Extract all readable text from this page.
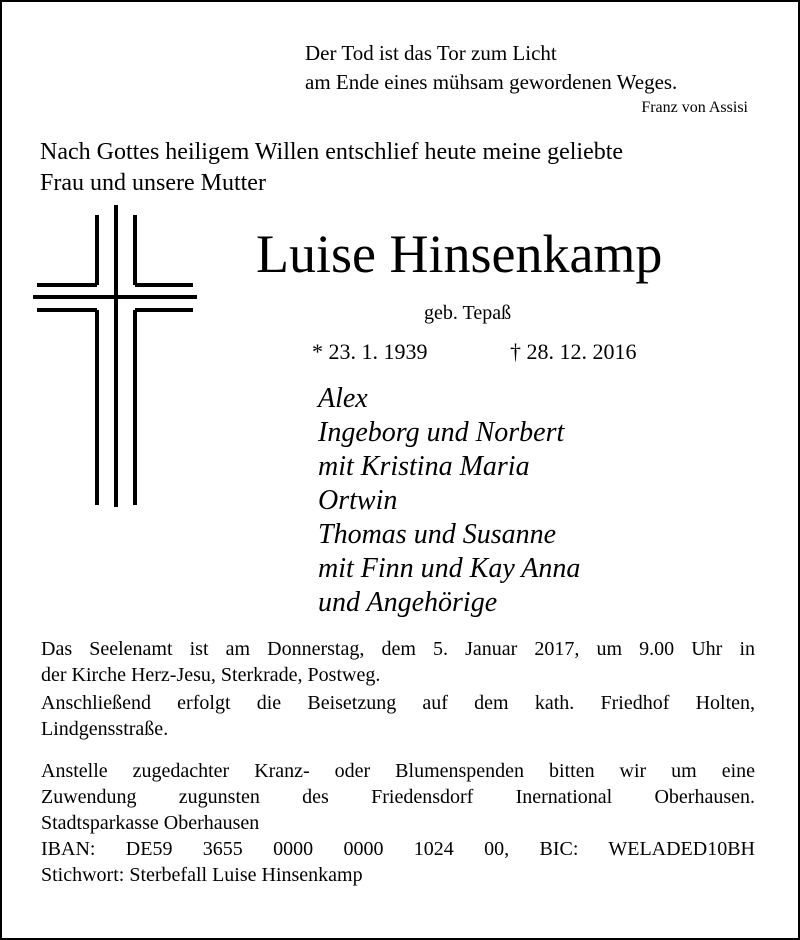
Der Tod ist das Tor zum Licht
am Ende eines mühsam gewordenen Weges.
Franz von Assisi
Nach Gottes heiligem Willen entschlief heute meine geliebte
Frau und unsere Mutter
Luise Hinsenkamp
geb. Tepaß
* 23. 1. 1939	† 28. 12. 2016
Alex
Ingeborg und Norbert
mit Kristina Maria
Ortwin
Thomas und Susanne
mit Finn und Kay Anna
und Angehörige
Das Seelenamt ist am Donnerstag, dem 5. Januar 2017, um 9.00 Uhr in
der Kirche Herz-Jesu, Sterkrade, Postweg.
Anschließend erfolgt die Beisetzung auf dem kath. Friedhof Holten,
Lindgensstraße.
Anstelle zugedachter Kranz- oder Blumenspenden bitten wir um eine
Zuwendung zugunsten des Friedensdorf Inernational Oberhausen.
Stadtsparkasse Oberhausen
IBAN: DE59 3655 0000 0000 1024 00, BIC: WELADED10BH
Stichwort: Sterbefall Luise Hinsenkamp
